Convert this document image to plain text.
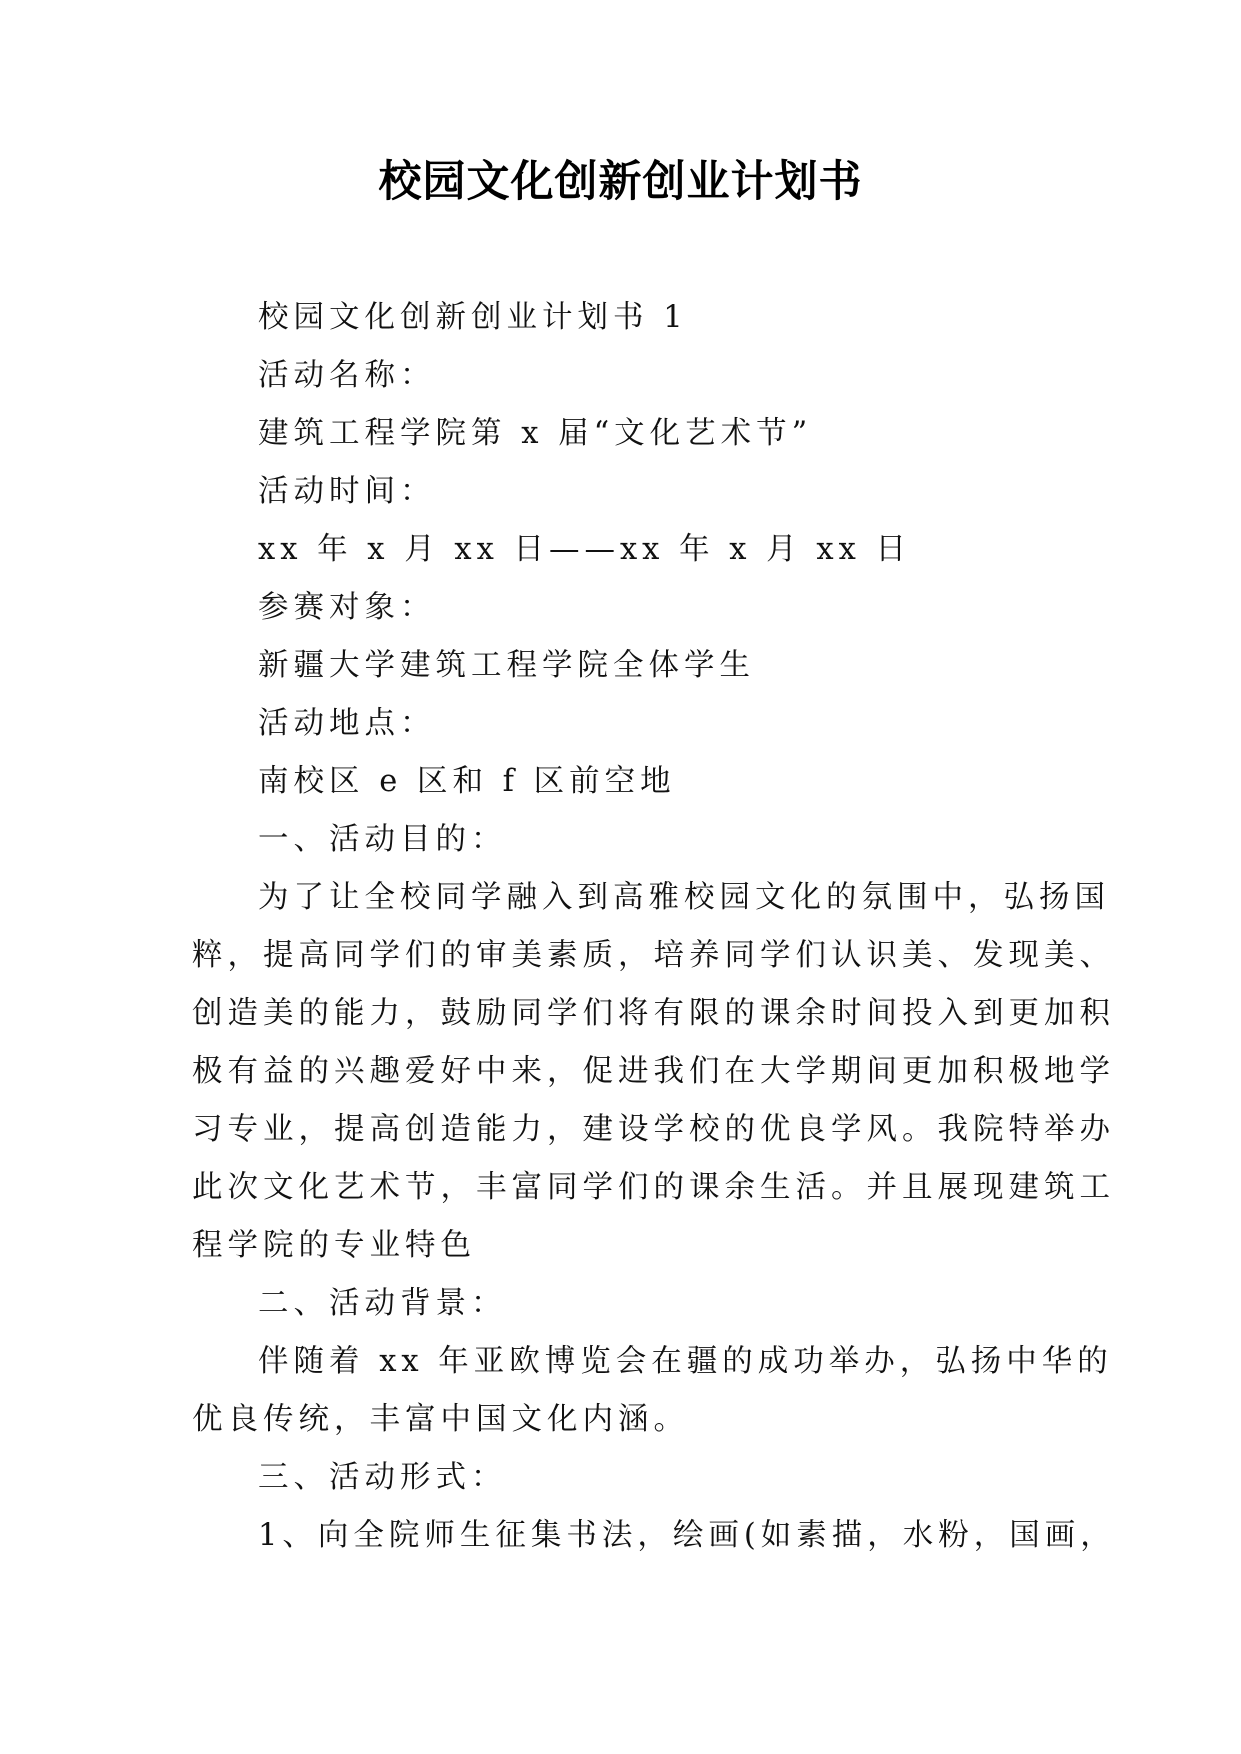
校园文化创新创业计划书
校园文化创新创业计划书 1
活动名称：
建筑工程学院第 x 届“文化艺术节”
活动时间：
xx 年 x 月 xx 日——xx 年 x 月 xx 日
参赛对象：
新疆大学建筑工程学院全体学生
活动地点：
南校区 e 区和 f 区前空地
一、活动目的：
为了让全校同学融入到高雅校园文化的氛围中，弘扬国
粹，提高同学们的审美素质，培养同学们认识美、发现美、
创造美的能力，鼓励同学们将有限的课余时间投入到更加积
极有益的兴趣爱好中来，促进我们在大学期间更加积极地学
习专业，提高创造能力，建设学校的优良学风。我院特举办
此次文化艺术节，丰富同学们的课余生活。并且展现建筑工
程学院的专业特色
二、活动背景：
伴随着 xx 年亚欧博览会在疆的成功举办，弘扬中华的
优良传统，丰富中国文化内涵。
三、活动形式：
1、向全院师生征集书法，绘画(如素描，水粉，国画，
